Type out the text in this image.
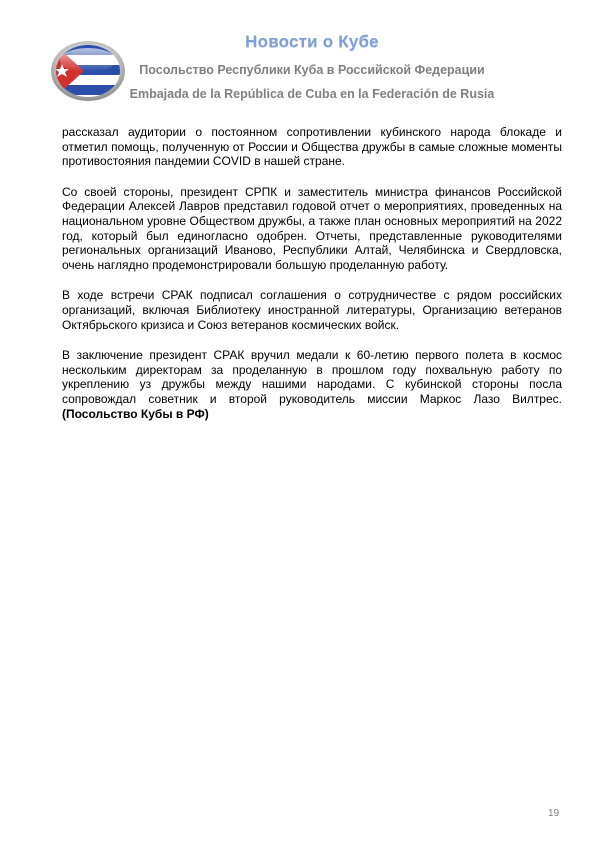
Новости о Кубе
Посольство Республики Куба в Российской Федерации
Embajada de la República de Cuba en la Federación de Rusia

рассказал аудитории о постоянном сопротивлении кубинского народа блокаде и отметил помощь, полученную от России и Общества дружбы в самые сложные моменты противостояния пандемии COVID в нашей стране.

Со своей стороны, президент СРПК и заместитель министра финансов Российской Федерации Алексей Лавров представил годовой отчет о мероприятиях, проведенных на национальном уровне Обществом дружбы, а также план основных мероприятий на 2022 год, который был единогласно одобрен. Отчеты, представленные руководителями региональных организаций Иваново, Республики Алтай, Челябинска и Свердловска, очень наглядно продемонстрировали большую проделанную работу.

В ходе встречи СРАК подписал соглашения о сотрудничестве с рядом российских организаций, включая Библиотеку иностранной литературы, Организацию ветеранов Октябрьского кризиса и Союз ветеранов космических войск.

В заключение президент СРАК вручил медали к 60-летию первого полета в космос нескольким директорам за проделанную в прошлом году похвальную работу по укреплению уз дружбы между нашими народами. С кубинской стороны посла сопровождал советник и второй руководитель миссии Маркос Лазо Вилтрес. (Посольство Кубы в РФ)

19
